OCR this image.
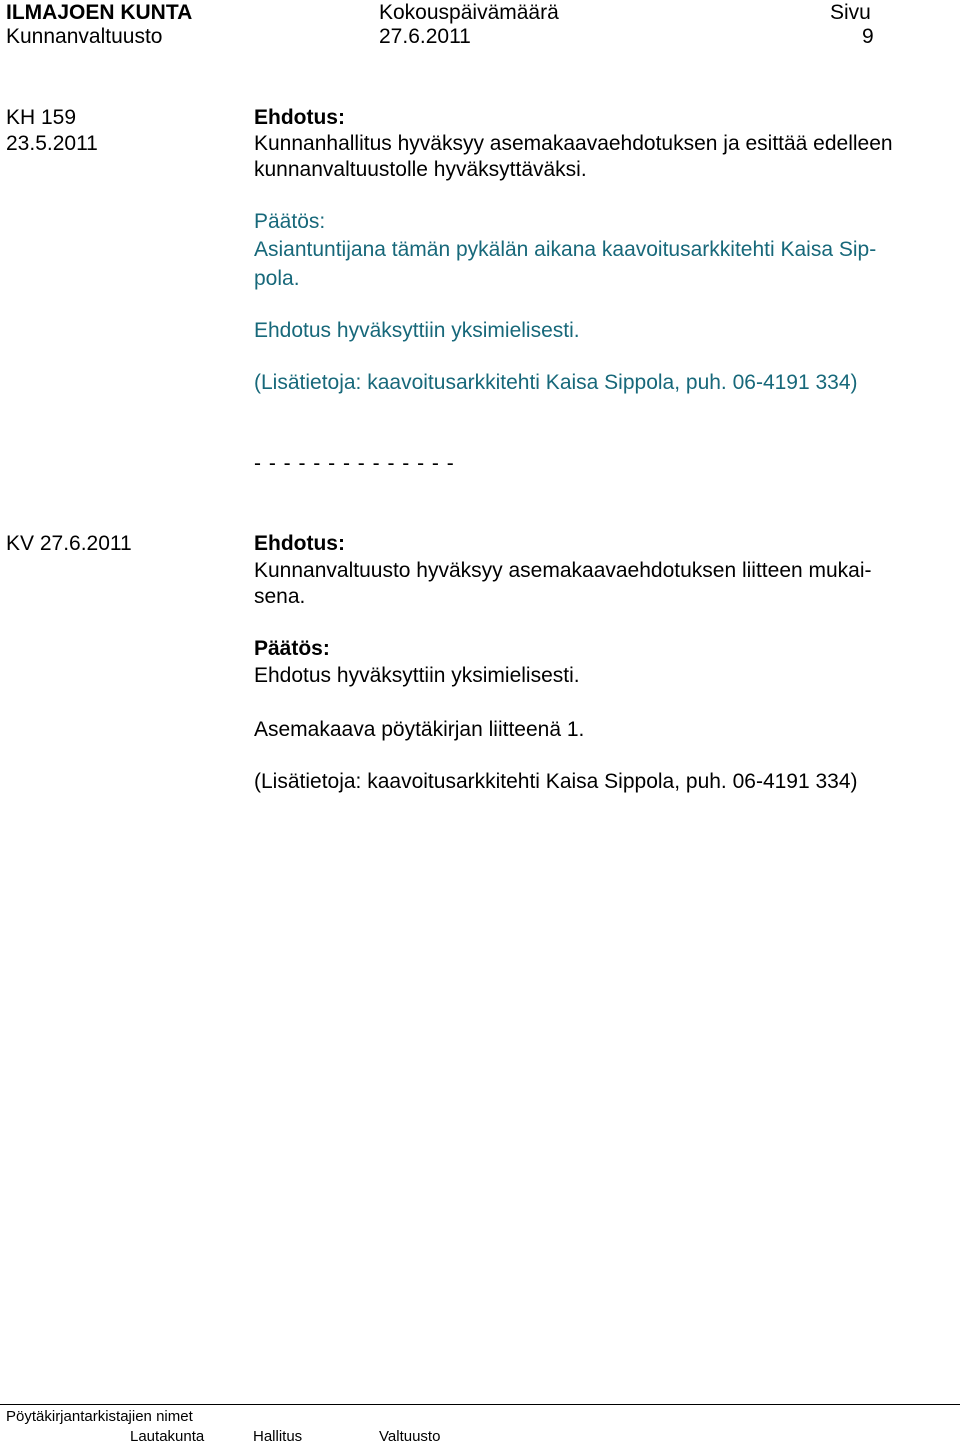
ILMAJOEN KUNTA
Kunnanvaltuusto
Kokouspäivämäärä
27.6.2011
Sivu
9
KH 159
23.5.2011
Ehdotus:
Kunnanhallitus hyväksyy asemakaavaehdotuksen ja esittää edelleen
kunnanvaltuustolle hyväksyttäväksi.
Päätös:
Asiantuntijana tämän pykälän aikana kaavoitusarkkitehti Kaisa Sip-
pola.
Ehdotus hyväksyttiin yksimielisesti.
(Lisätietoja: kaavoitusarkkitehti Kaisa Sippola, puh. 06-4191 334)
- - - - - - - - - - - - - -
KV 27.6.2011	Ehdotus:
Kunnanvaltuusto hyväksyy asemakaavaehdotuksen liitteen mukai-
sena.
Päätös:
Ehdotus hyväksyttiin yksimielisesti.
Asemakaava pöytäkirjan liitteenä 1.
(Lisätietoja: kaavoitusarkkitehti Kaisa Sippola, puh. 06-4191 334)
Pöytäkirjantarkistajien nimet
Lautakunta	Hallitus	Valtuusto
